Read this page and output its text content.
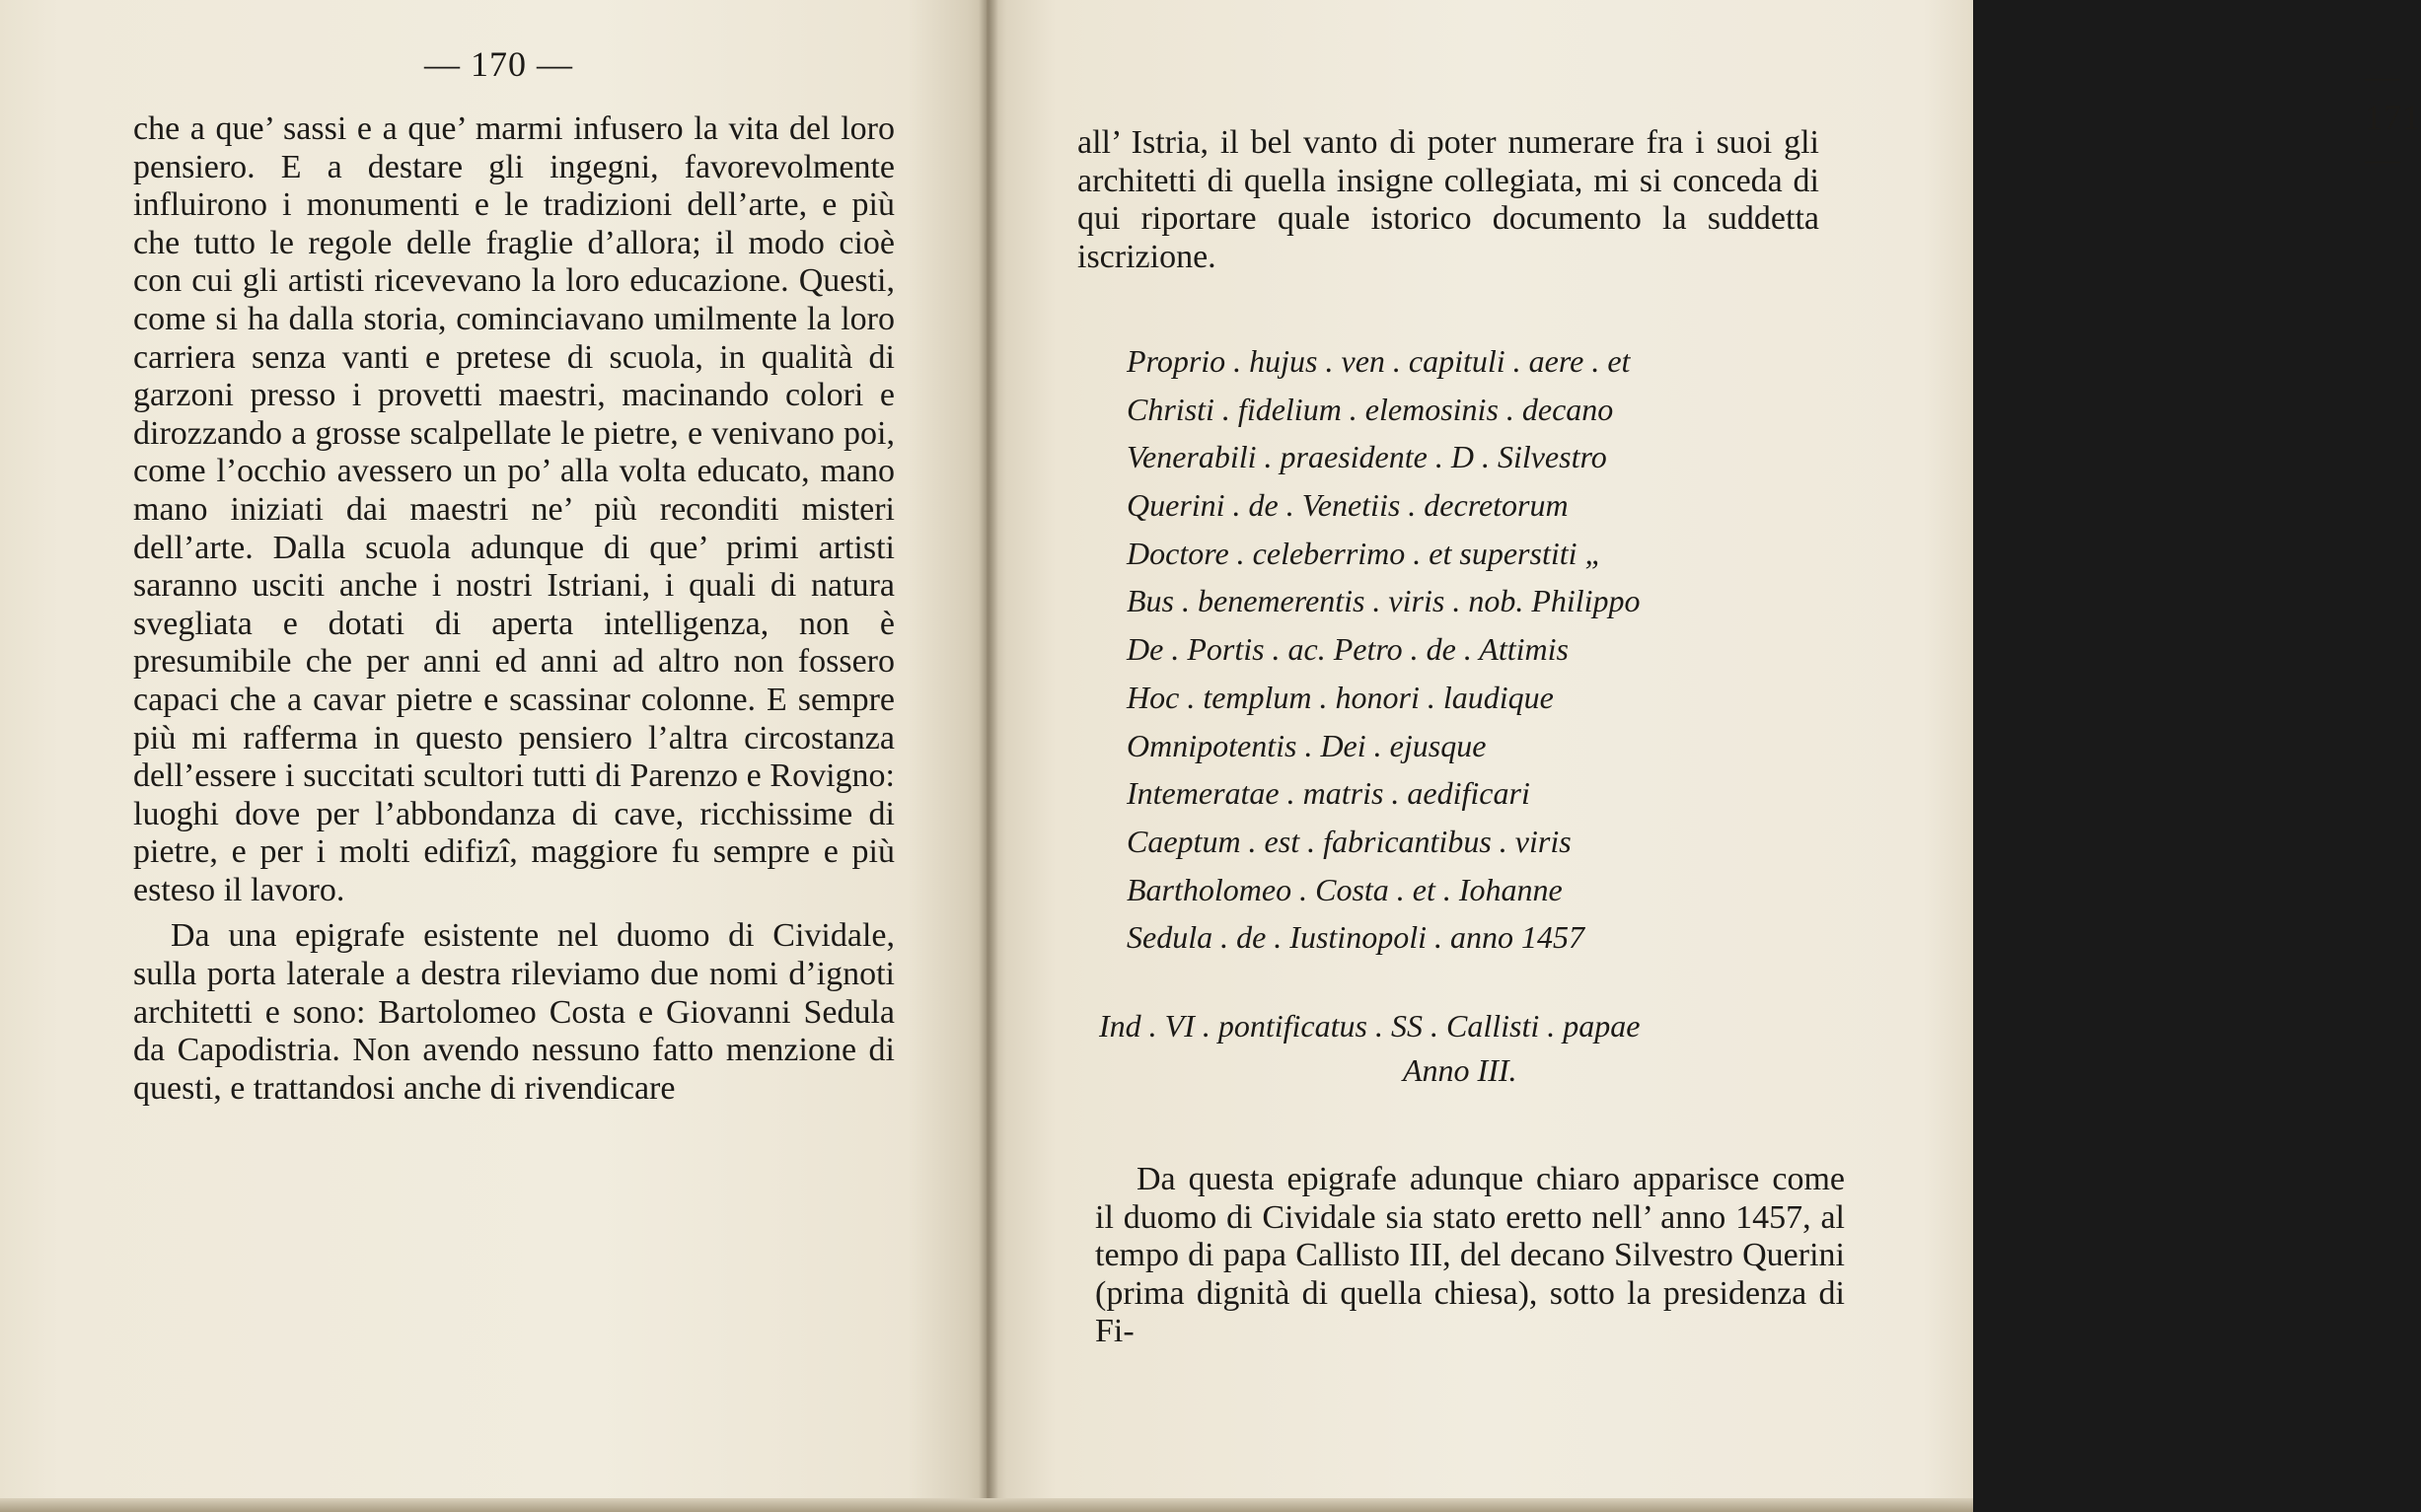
— 170 —

che a que’ sassi e a que’ marmi infusero la vita del loro pensiero. E a destare gli ingegni, favorevolmente influirono i monumenti e le tradizioni dell’arte, e più che tutto le regole delle fraglie d’allora; il modo cioè con cui gli artisti ricevevano la loro educazione. Questi, come si ha dalla storia, cominciavano umilmente la loro carriera senza vanti e pretese di scuola, in qualità di garzoni presso i provetti maestri, macinando colori e dirozzando a grosse scalpellate le pietre, e venivano poi, come l’occhio avessero un po’ alla volta educato, mano mano iniziati dai maestri ne’ più reconditi misteri dell’arte. Dalla scuola adunque di que’ primi artisti saranno usciti anche i nostri Istriani, i quali di natura svegliata e dotati di aperta intelligenza, non è presumibile che per anni ed anni ad altro non fossero capaci che a cavar pietre e scassinar colonne. E sempre più mi rafferma in questo pensiero l’altra circostanza dell’essere i succitati scultori tutti di Parenzo e Rovigno: luoghi dove per l’abbondanza di cave, ricchissime di pietre, e per i molti edifizî, maggiore fu sempre e più esteso il lavoro.

Da una epigrafe esistente nel duomo di Cividale, sulla porta laterale a destra rileviamo due nomi d’ignoti architetti e sono: Bartolomeo Costa e Giovanni Sedula da Capodistria. Non avendo nessuno fatto menzione di questi, e trattandosi anche di rivendicare

— 171 —

all’ Istria, il bel vanto di poter numerare fra i suoi gli architetti di quella insigne collegiata, mi si conceda di qui riportare quale istorico documento la suddetta iscrizione.

Proprio . hujus . ven . capituli . aere . et
Christi . fidelium . elemosinis . decano
Venerabili . praesidente . D . Silvestro
Querini . de . Venetiis . decretorum
Doctore . celeberrimo . et superstiti „
Bus . benemerentis . viris . nob. Philippo
De . Portis . ac. Petro . de . Attimis
Hoc . templum . honori . laudique
Omnipotentis . Dei . ejusque
Intemeratae . matris . aedificari
Caeptum . est . fabricantibus . viris
Bartholomeo . Costa . et . Iohanne
Sedula . de . Iustinopoli . anno 1457
Ind . VI . pontificatus . SS . Callisti . papae
Anno III.

Da questa epigrafe adunque chiaro apparisce come il duomo di Cividale sia stato eretto nell’ anno 1457, al tempo di papa Callisto III, del decano Silvestro Querini (prima dignità di quella chiesa), sotto la presidenza di Fi-
